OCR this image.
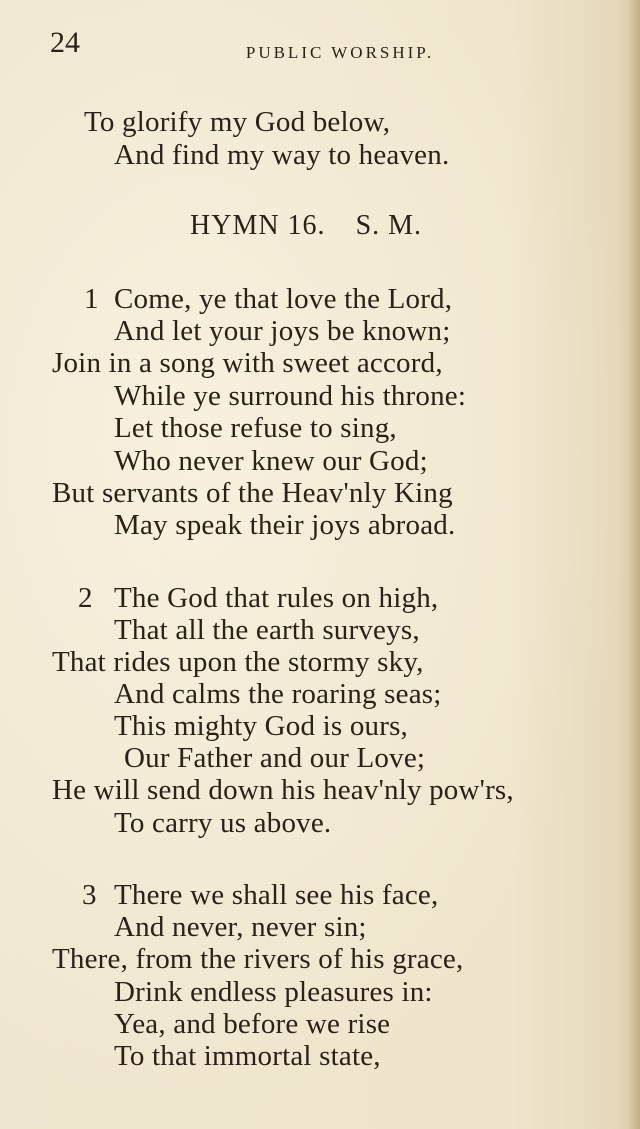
24	PUBLIC WORSHIP.
To glorify my God below,
And find my way to heaven.
HYMN 16. S. M.
1 Come, ye that love the Lord,
And let your joys be known;
Join in a song with sweet accord,
While ye surround his throne:
Let those refuse to sing,
Who never knew our God;
But servants of the Heav'nly King
May speak their joys abroad.
2 The God that rules on high,
That all the earth surveys,
That rides upon the stormy sky,
And calms the roaring seas;
This mighty God is ours,
Our Father and our Love;
He will send down his heav'nly pow'rs,
To carry us above.
3 There we shall see his face,
And never, never sin;
There, from the rivers of his grace,
Drink endless pleasures in:
Yea, and before we rise
To that immortal state,
